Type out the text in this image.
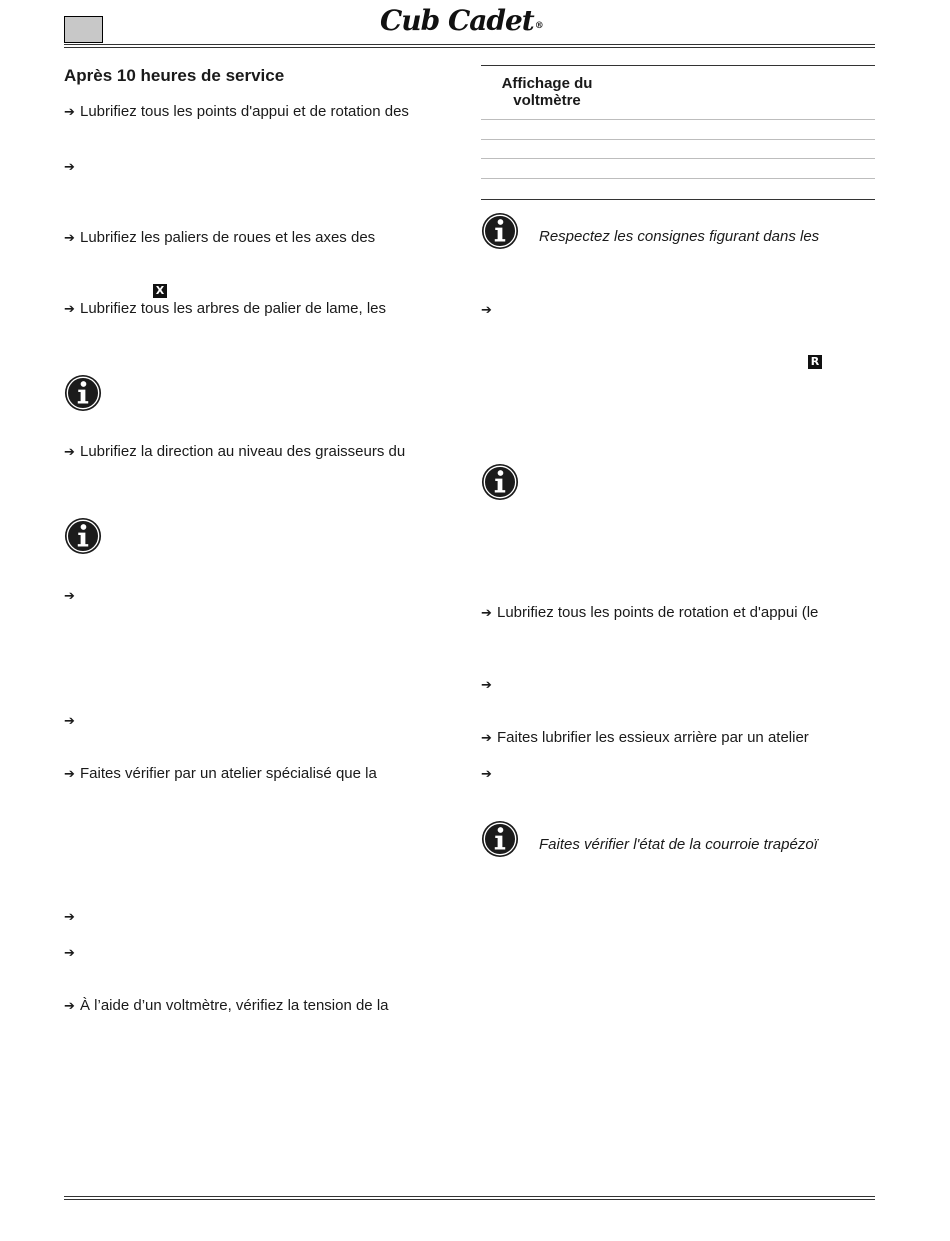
Cub Cadet®
Après 10 heures de service
➔ Lubrifiez tous les points d'appui et de rotation des
➔
➔ Lubrifiez les paliers de roues et les axes des
X
➔ Lubrifiez tous les arbres de palier de lame, les
➔ Lubrifiez la direction au niveau des graisseurs du
➔
➔
➔ Faites vérifier par un atelier spécialisé que la
➔
➔
➔ À l’aide d’un voltmètre, vérifiez la tension de la
Affichage du
voltmètre
Respectez les consignes figurant dans les
➔
R
➔ Lubrifiez tous les points de rotation et d'appui (le
➔
➔ Faites lubrifier les essieux arrière par un atelier
➔
Faites vérifier l'état de la courroie trapézoï
